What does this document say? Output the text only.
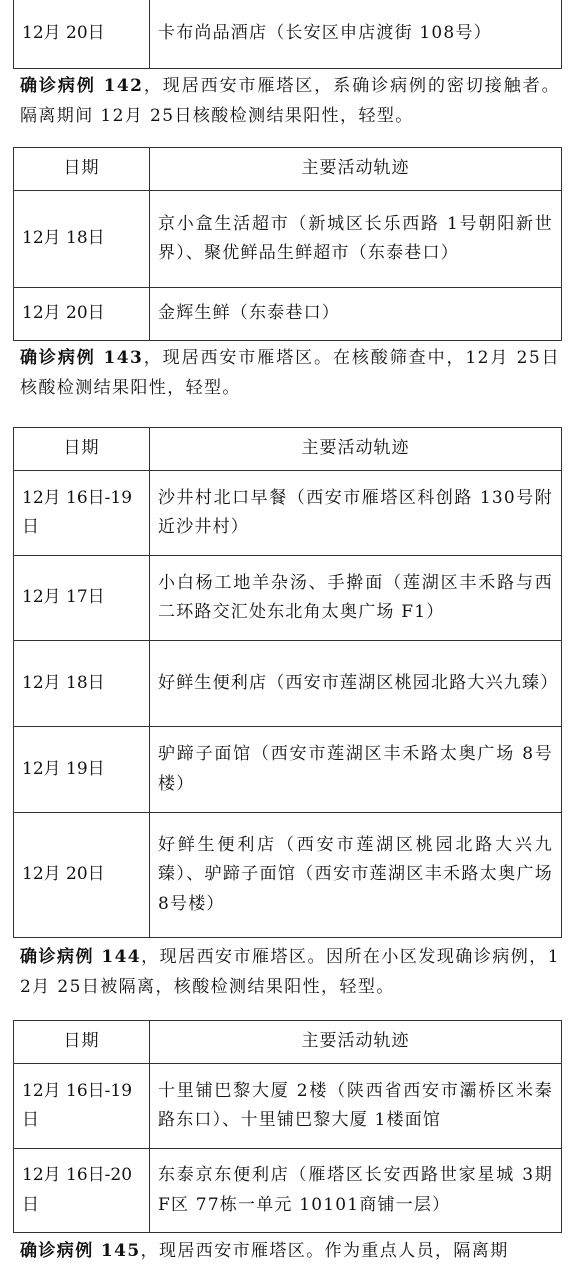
12月 20日	卡布尚品酒店（长安区申店渡街 108号）
确诊病例 142，现居西安市雁塔区，系确诊病例的密切接触者。隔离期间 12月 25日核酸检测结果阳性，轻型。
日期	主要活动轨迹
12月 18日	京小盒生活超市（新城区长乐西路 1号朝阳新世界）、聚优鲜品生鲜超市（东泰巷口）
12月 20日	金辉生鲜（东泰巷口）
确诊病例 143，现居西安市雁塔区。在核酸筛查中，12月 25日核酸检测结果阳性，轻型。
日期	主要活动轨迹
12月 16日-19日	沙井村北口早餐（西安市雁塔区科创路 130号附近沙井村）
12月 17日	小白杨工地羊杂汤、手擀面（莲湖区丰禾路与西二环路交汇处东北角太奥广场 F1）
12月 18日	好鲜生便利店（西安市莲湖区桃园北路大兴九臻）
12月 19日	驴蹄子面馆（西安市莲湖区丰禾路太奥广场 8号楼）
12月 20日	好鲜生便利店（西安市莲湖区桃园北路大兴九臻）、驴蹄子面馆（西安市莲湖区丰禾路太奥广场 8号楼）
确诊病例 144，现居西安市雁塔区。因所在小区发现确诊病例，12月 25日被隔离，核酸检测结果阳性，轻型。
日期	主要活动轨迹
12月 16日-19日	十里铺巴黎大厦 2楼（陕西省西安市灞桥区米秦路东口）、十里铺巴黎大厦 1楼面馆
12月 16日-20日	东泰京东便利店（雁塔区长安西路世家星城 3期 F区 77栋一单元 10101商铺一层）
确诊病例 145，现居西安市雁塔区。作为重点人员，隔离期
